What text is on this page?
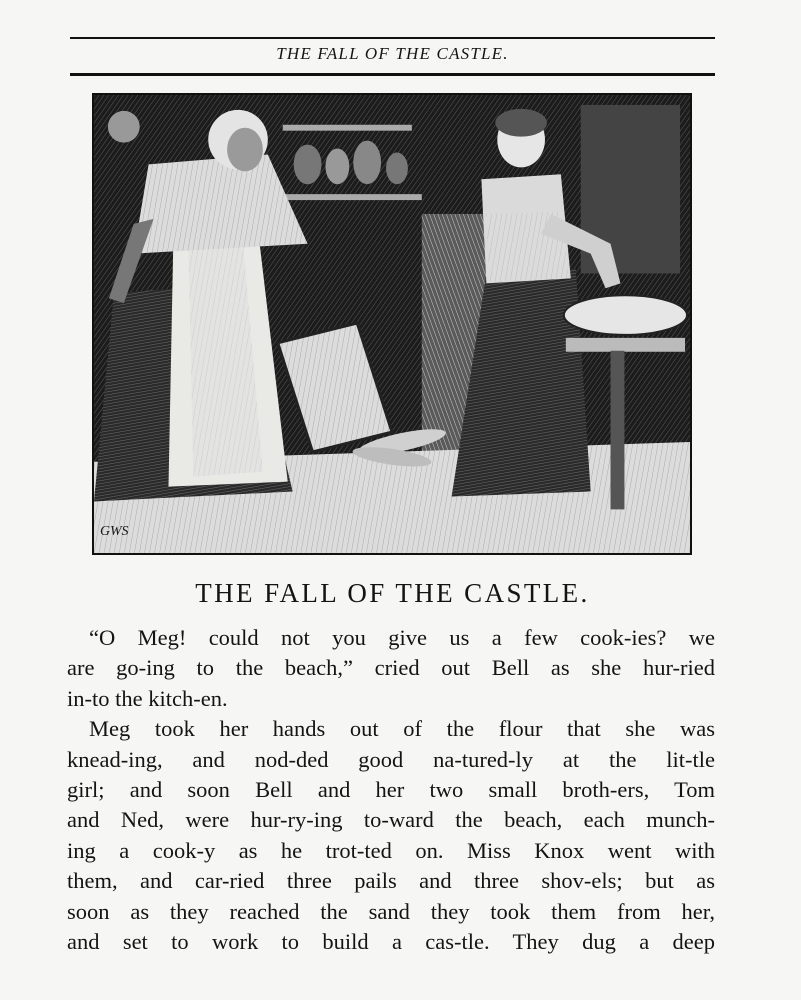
THE FALL OF THE CASTLE.
GWS
THE FALL OF THE CASTLE.
“O Meg! could not you give us a few cook-ies? we
are go-ing to the beach,” cried out Bell as she hur-ried
in-to the kitch-en.
Meg took her hands out of the flour that she was
knead-ing, and nod-ded good na-tured-ly at the lit-tle
girl; and soon Bell and her two small broth-ers, Tom
and Ned, were hur-ry-ing to-ward the beach, each munch-
ing a cook-y as he trot-ted on. Miss Knox went with
them, and car-ried three pails and three shov-els; but as
soon as they reached the sand they took them from her,
and set to work to build a cas-tle. They dug a deep
